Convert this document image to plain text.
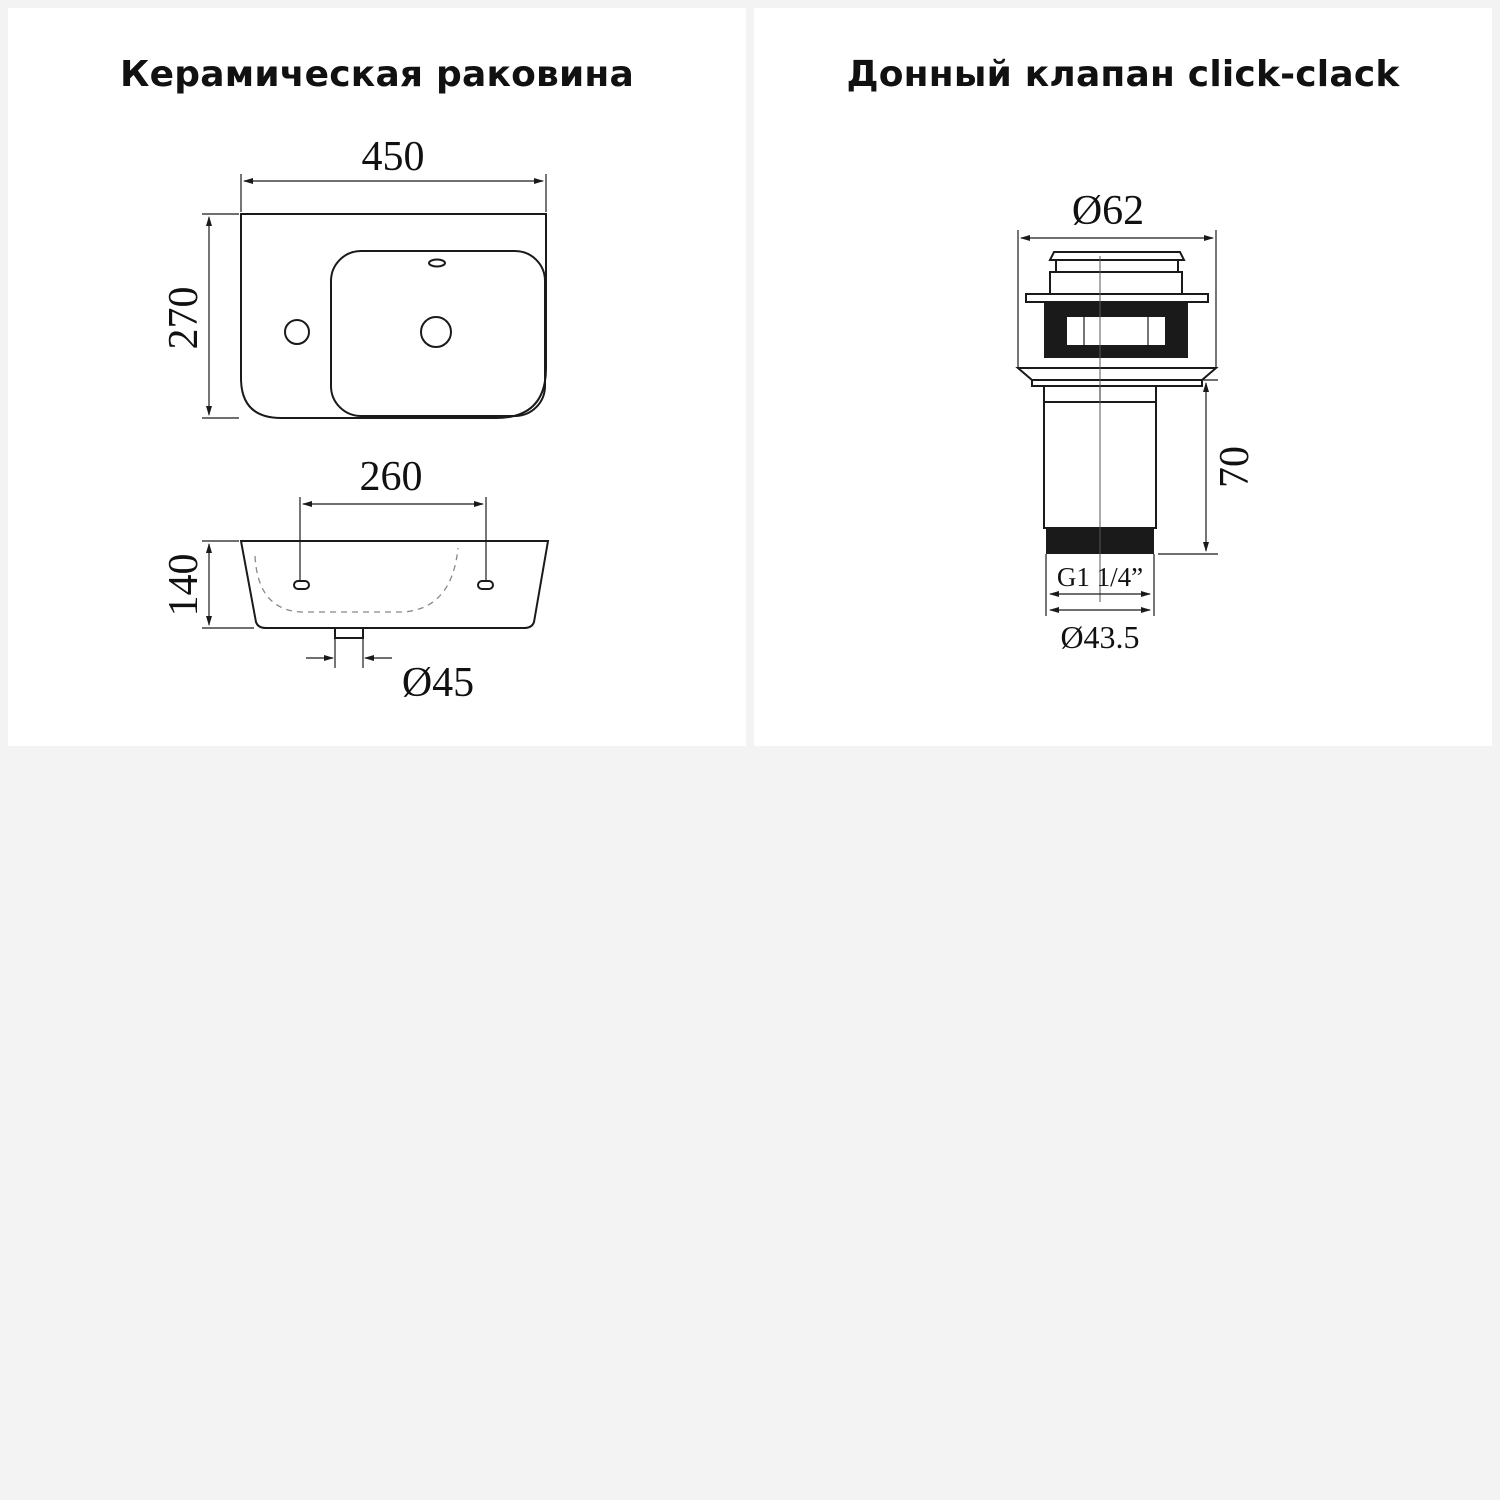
Керамическая раковина
450
270
260
140
Ø45
Донный клапан click-clack
Ø62
70
G1 1/4”
Ø43.5
